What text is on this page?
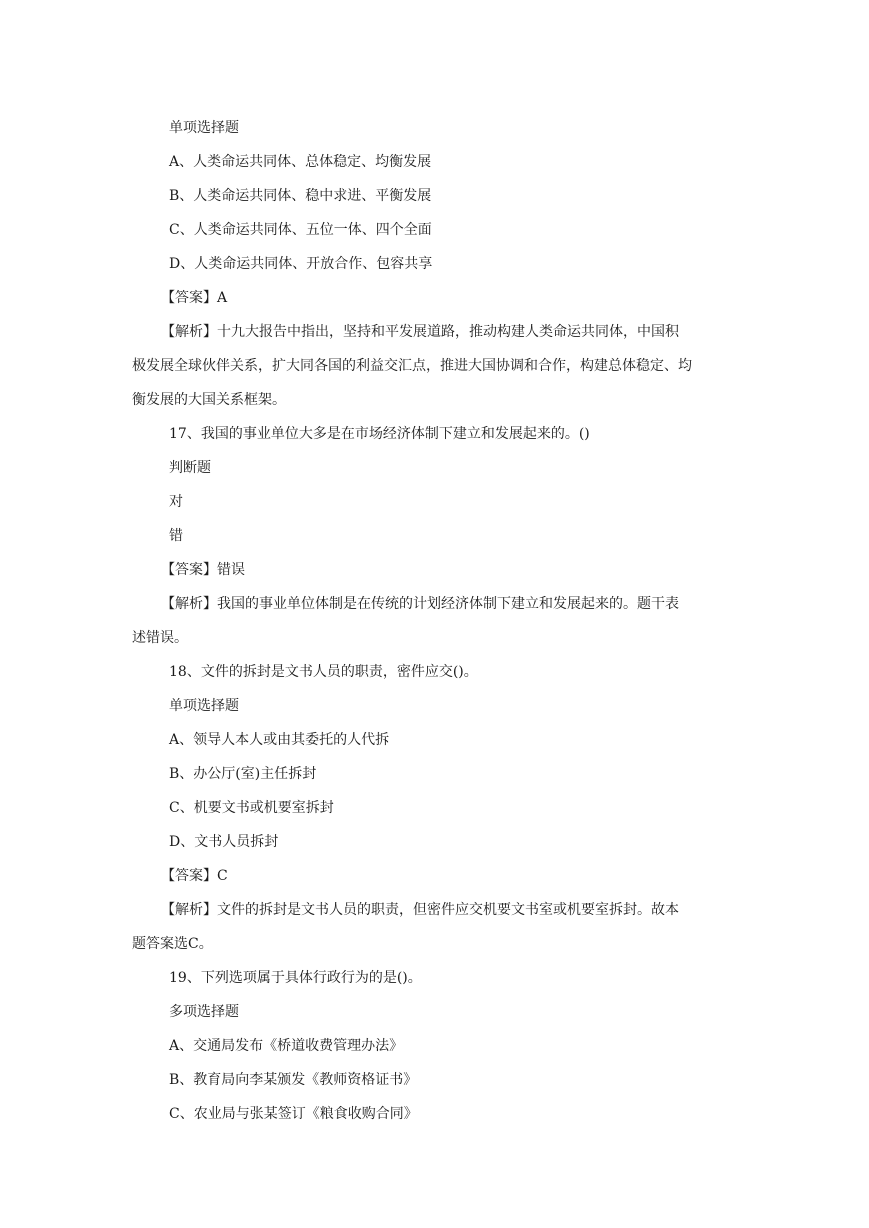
单项选择题
A、人类命运共同体、总体稳定、均衡发展
B、人类命运共同体、稳中求进、平衡发展
C、人类命运共同体、五位一体、四个全面
D、人类命运共同体、开放合作、包容共享
【答案】A
【解析】十九大报告中指出，坚持和平发展道路，推动构建人类命运共同体，中国积
极发展全球伙伴关系，扩大同各国的利益交汇点，推进大国协调和合作，构建总体稳定、均
衡发展的大国关系框架。
17、我国的事业单位大多是在市场经济体制下建立和发展起来的。()
判断题
对
错
【答案】错误
【解析】我国的事业单位体制是在传统的计划经济体制下建立和发展起来的。题干表
述错误。
18、文件的拆封是文书人员的职责，密件应交()。
单项选择题
A、领导人本人或由其委托的人代拆
B、办公厅(室)主任拆封
C、机要文书或机要室拆封
D、文书人员拆封
【答案】C
【解析】文件的拆封是文书人员的职责，但密件应交机要文书室或机要室拆封。故本
题答案选C。
19、下列选项属于具体行政行为的是()。
多项选择题
A、交通局发布《桥道收费管理办法》
B、教育局向李某颁发《教师资格证书》
C、农业局与张某签订《粮食收购合同》
